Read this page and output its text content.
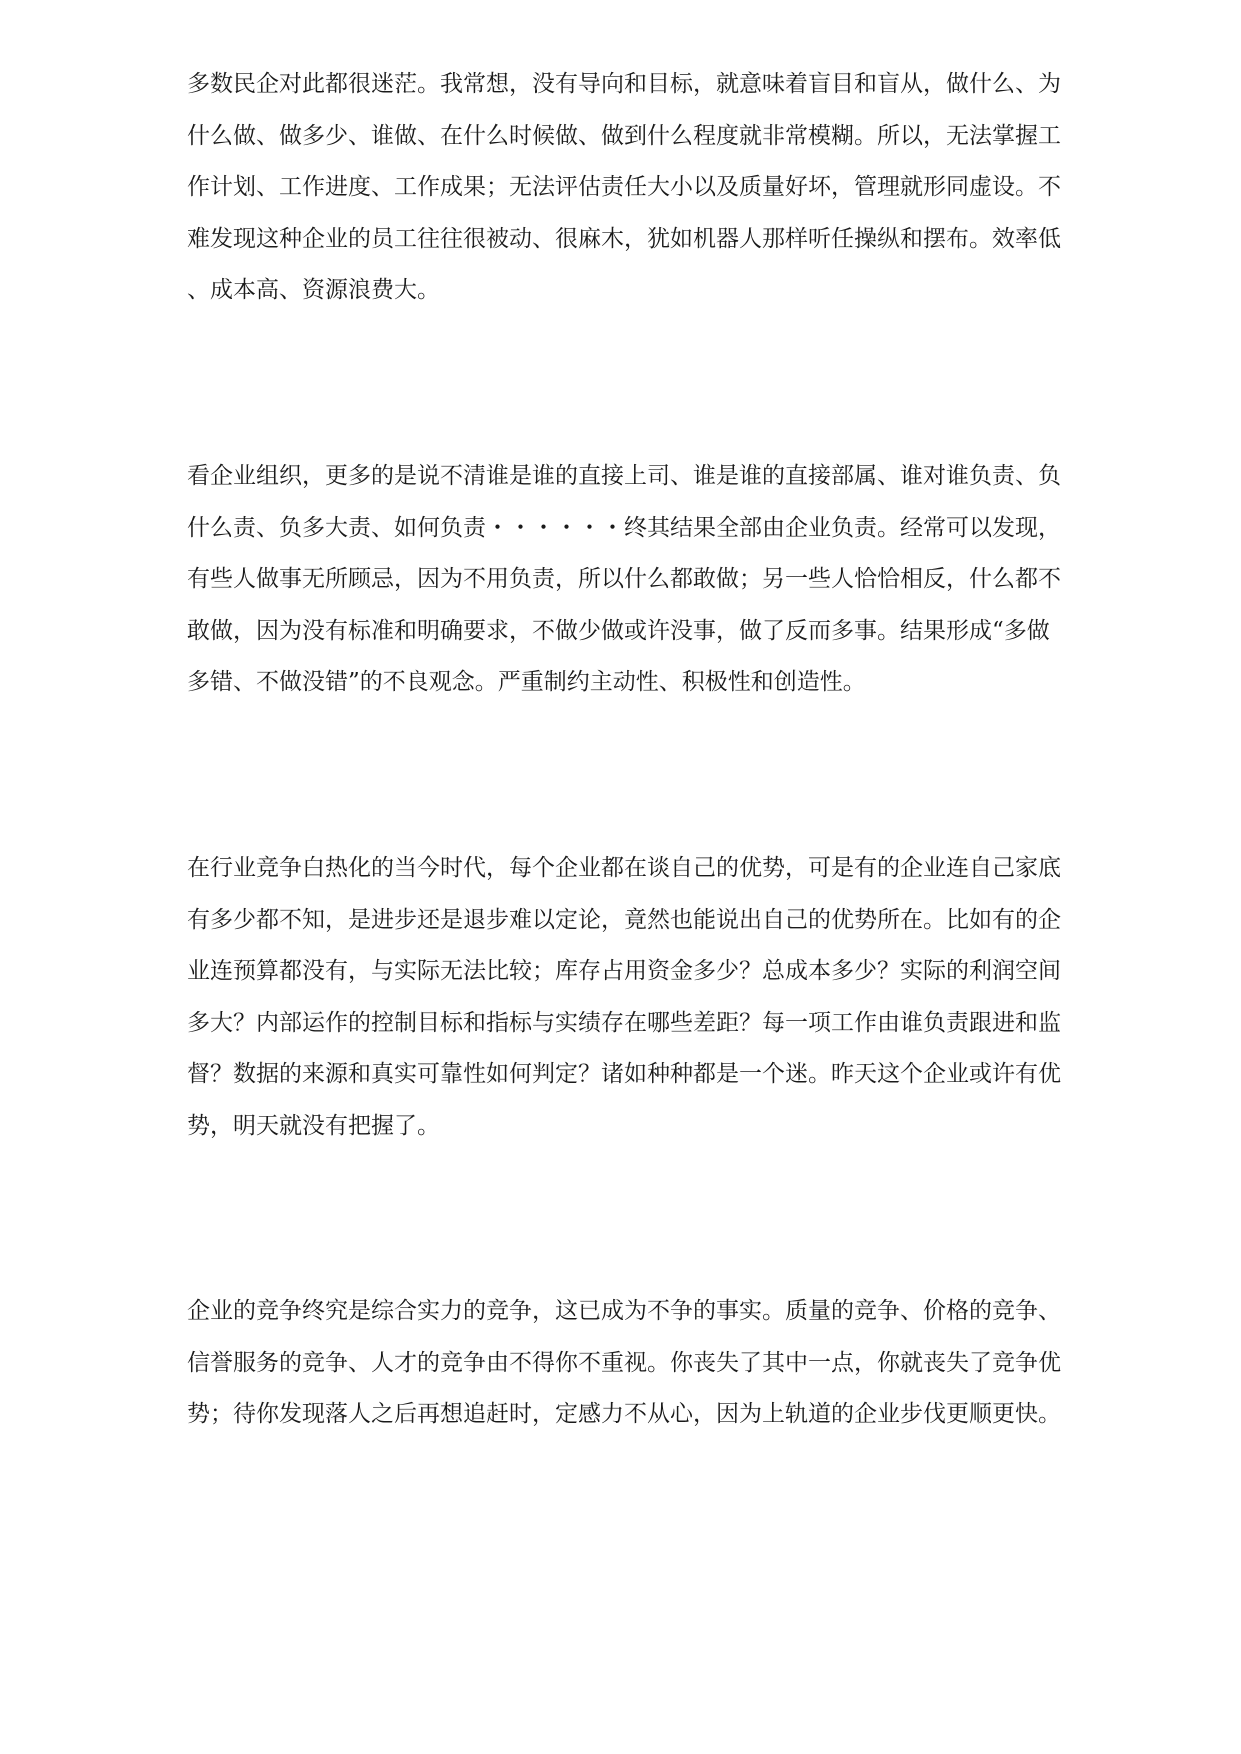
多数民企对此都很迷茫。我常想，没有导向和目标，就意味着盲目和盲从，做什么、为
什么做、做多少、谁做、在什么时候做、做到什么程度就非常模糊。所以，无法掌握工
作计划、工作进度、工作成果；无法评估责任大小以及质量好坏，管理就形同虚设。不
难发现这种企业的员工往往很被动、很麻木，犹如机器人那样听任操纵和摆布。效率低
、成本高、资源浪费大。

看企业组织，更多的是说不清谁是谁的直接上司、谁是谁的直接部属、谁对谁负责、负
什么责、负多大责、如何负责・・・・・・终其结果全部由企业负责。经常可以发现，
有些人做事无所顾忌，因为不用负责，所以什么都敢做；另一些人恰恰相反，什么都不
敢做，因为没有标准和明确要求，不做少做或许没事，做了反而多事。结果形成“多做
多错、不做没错”的不良观念。严重制约主动性、积极性和创造性。

在行业竞争白热化的当今时代，每个企业都在谈自己的优势，可是有的企业连自己家底
有多少都不知，是进步还是退步难以定论，竟然也能说出自己的优势所在。比如有的企
业连预算都没有，与实际无法比较；库存占用资金多少？总成本多少？实际的利润空间
多大？内部运作的控制目标和指标与实绩存在哪些差距？每一项工作由谁负责跟进和监
督？数据的来源和真实可靠性如何判定？诸如种种都是一个迷。昨天这个企业或许有优
势，明天就没有把握了。

企业的竞争终究是综合实力的竞争，这已成为不争的事实。质量的竞争、价格的竞争、
信誉服务的竞争、人才的竞争由不得你不重视。你丧失了其中一点，你就丧失了竞争优
势；待你发现落人之后再想追赶时，定感力不从心，因为上轨道的企业步伐更顺更快。
